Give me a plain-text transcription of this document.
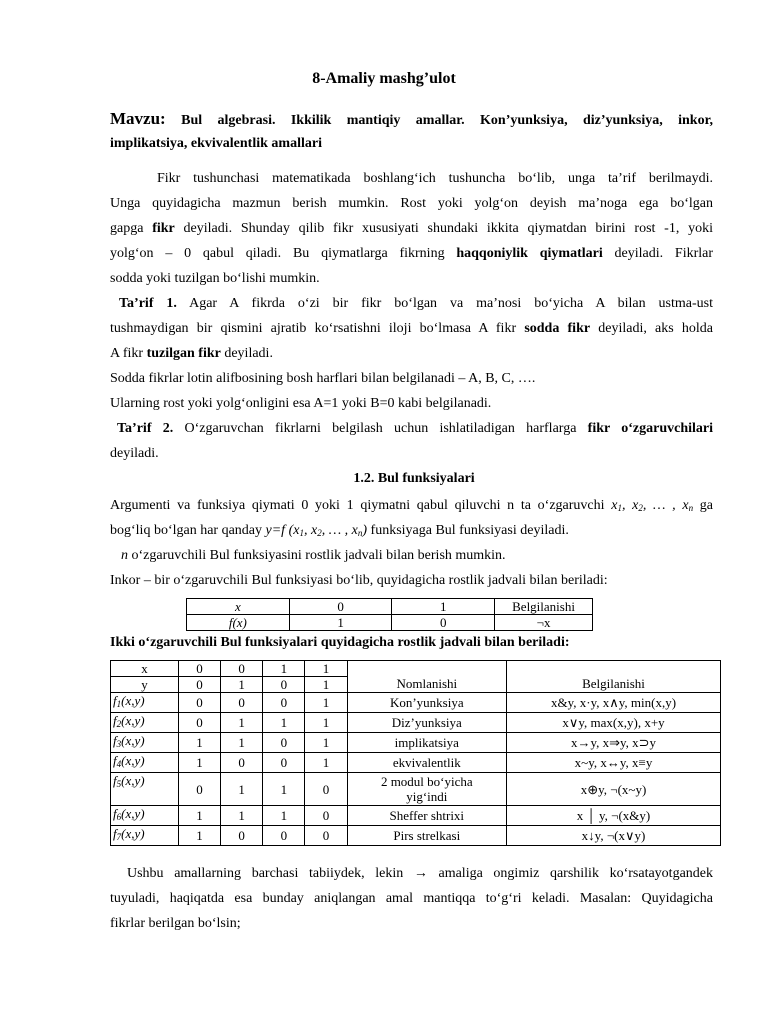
8-Amaliy mashg’ulot
Mavzu: Bul algebrasi. Ikkilik mantiqiy amallar. Kon’yunksiya, diz’yunksiya, inkor,
implikatsiya, ekvivalentlik amallari
Fikr tushunchasi matematikada boshlang‘ich tushuncha bo‘lib, unga ta’rif berilmaydi.
Unga quyidagicha mazmun berish mumkin. Rost yoki yolg‘on deyish ma’noga ega bo‘lgan
gapga fikr deyiladi. Shunday qilib fikr xususiyati shundaki ikkita qiymatdan birini rost -1, yoki
yolg‘on – 0 qabul qiladi. Bu qiymatlarga fikrning haqqoniylik qiymatlari deyiladi. Fikrlar
sodda yoki tuzilgan bo‘lishi mumkin.
Ta’rif 1. Agar A fikrda o‘zi bir fikr bo‘lgan va ma’nosi bo‘yicha A bilan ustma-ust
tushmaydigan bir qismini ajratib ko‘rsatishni iloji bo‘lmasa A fikr sodda fikr deyiladi, aks holda
A fikr tuzilgan fikr deyiladi.
Sodda fikrlar lotin alifbosining bosh harflari bilan belgilanadi – A, B, C, ….
Ularning rost yoki yolg‘onligini esa A=1 yoki B=0 kabi belgilanadi.
Ta’rif 2. O‘zgaruvchan fikrlarni belgilash uchun ishlatiladigan harflarga fikr o‘zgaruvchilari
deyiladi.
1.2. Bul funksiyalari
Argumenti va funksiya qiymati 0 yoki 1 qiymatni qabul qiluvchi n ta o‘zgaruvchi $x_1$, $x_2$, … , $x_n$ ga
bog‘liq bo‘lgan har qanday y=f ($x_1$, $x_2$, … , $x_n$) funksiyaga Bul funksiyasi deyiladi.
n o‘zgaruvchili Bul funksiyasini rostlik jadvali bilan berish mumkin.
Inkor – bir o‘zgaruvchili Bul funksiyasi bo‘lib, quyidagicha rostlik jadvali bilan beriladi:
x	0	1	Belgilanishi
f(x)	1	0	¬x
Ikki o‘zgaruvchili Bul funksiyalari quyidagicha rostlik jadvali bilan beriladi:
x	0	0	1	1	Nomlanishi	Belgilanishi
y	0	1	0	1		
$f_1(x,y)$	0	0	0	1	Kon’yunksiya	x&y, x·y, x∧y, min(x,y)
$f_2(x,y)$	0	1	1	1	Diz’yunksiya	x∨y, max(x,y), x+y
$f_3(x,y)$	1	1	0	1	implikatsiya	x→y, x⇒y, x⊃y
$f_4(x,y)$	1	0	0	1	ekvivalentlik	x~y, x↔y, x≡y
$f_5(x,y)$	0	1	1	0	2 modul bo‘yicha yig‘indi	x⊕y, ¬(x~y)
$f_6(x,y)$	1	1	1	0	Sheffer shtrixi	x │ y, ¬(x&y)
$f_7(x,y)$	1	0	0	0	Pirs strelkasi	x↓y, ¬(x∨y)
Ushbu amallarning barchasi tabiiydek, lekin → amaliga ongimiz qarshilik ko‘rsatayotgandek
tuyuladi, haqiqatda esa bunday aniqlangan amal mantiqqa to‘g‘ri keladi. Masalan: Quyidagicha
fikrlar berilgan bo‘lsin;
